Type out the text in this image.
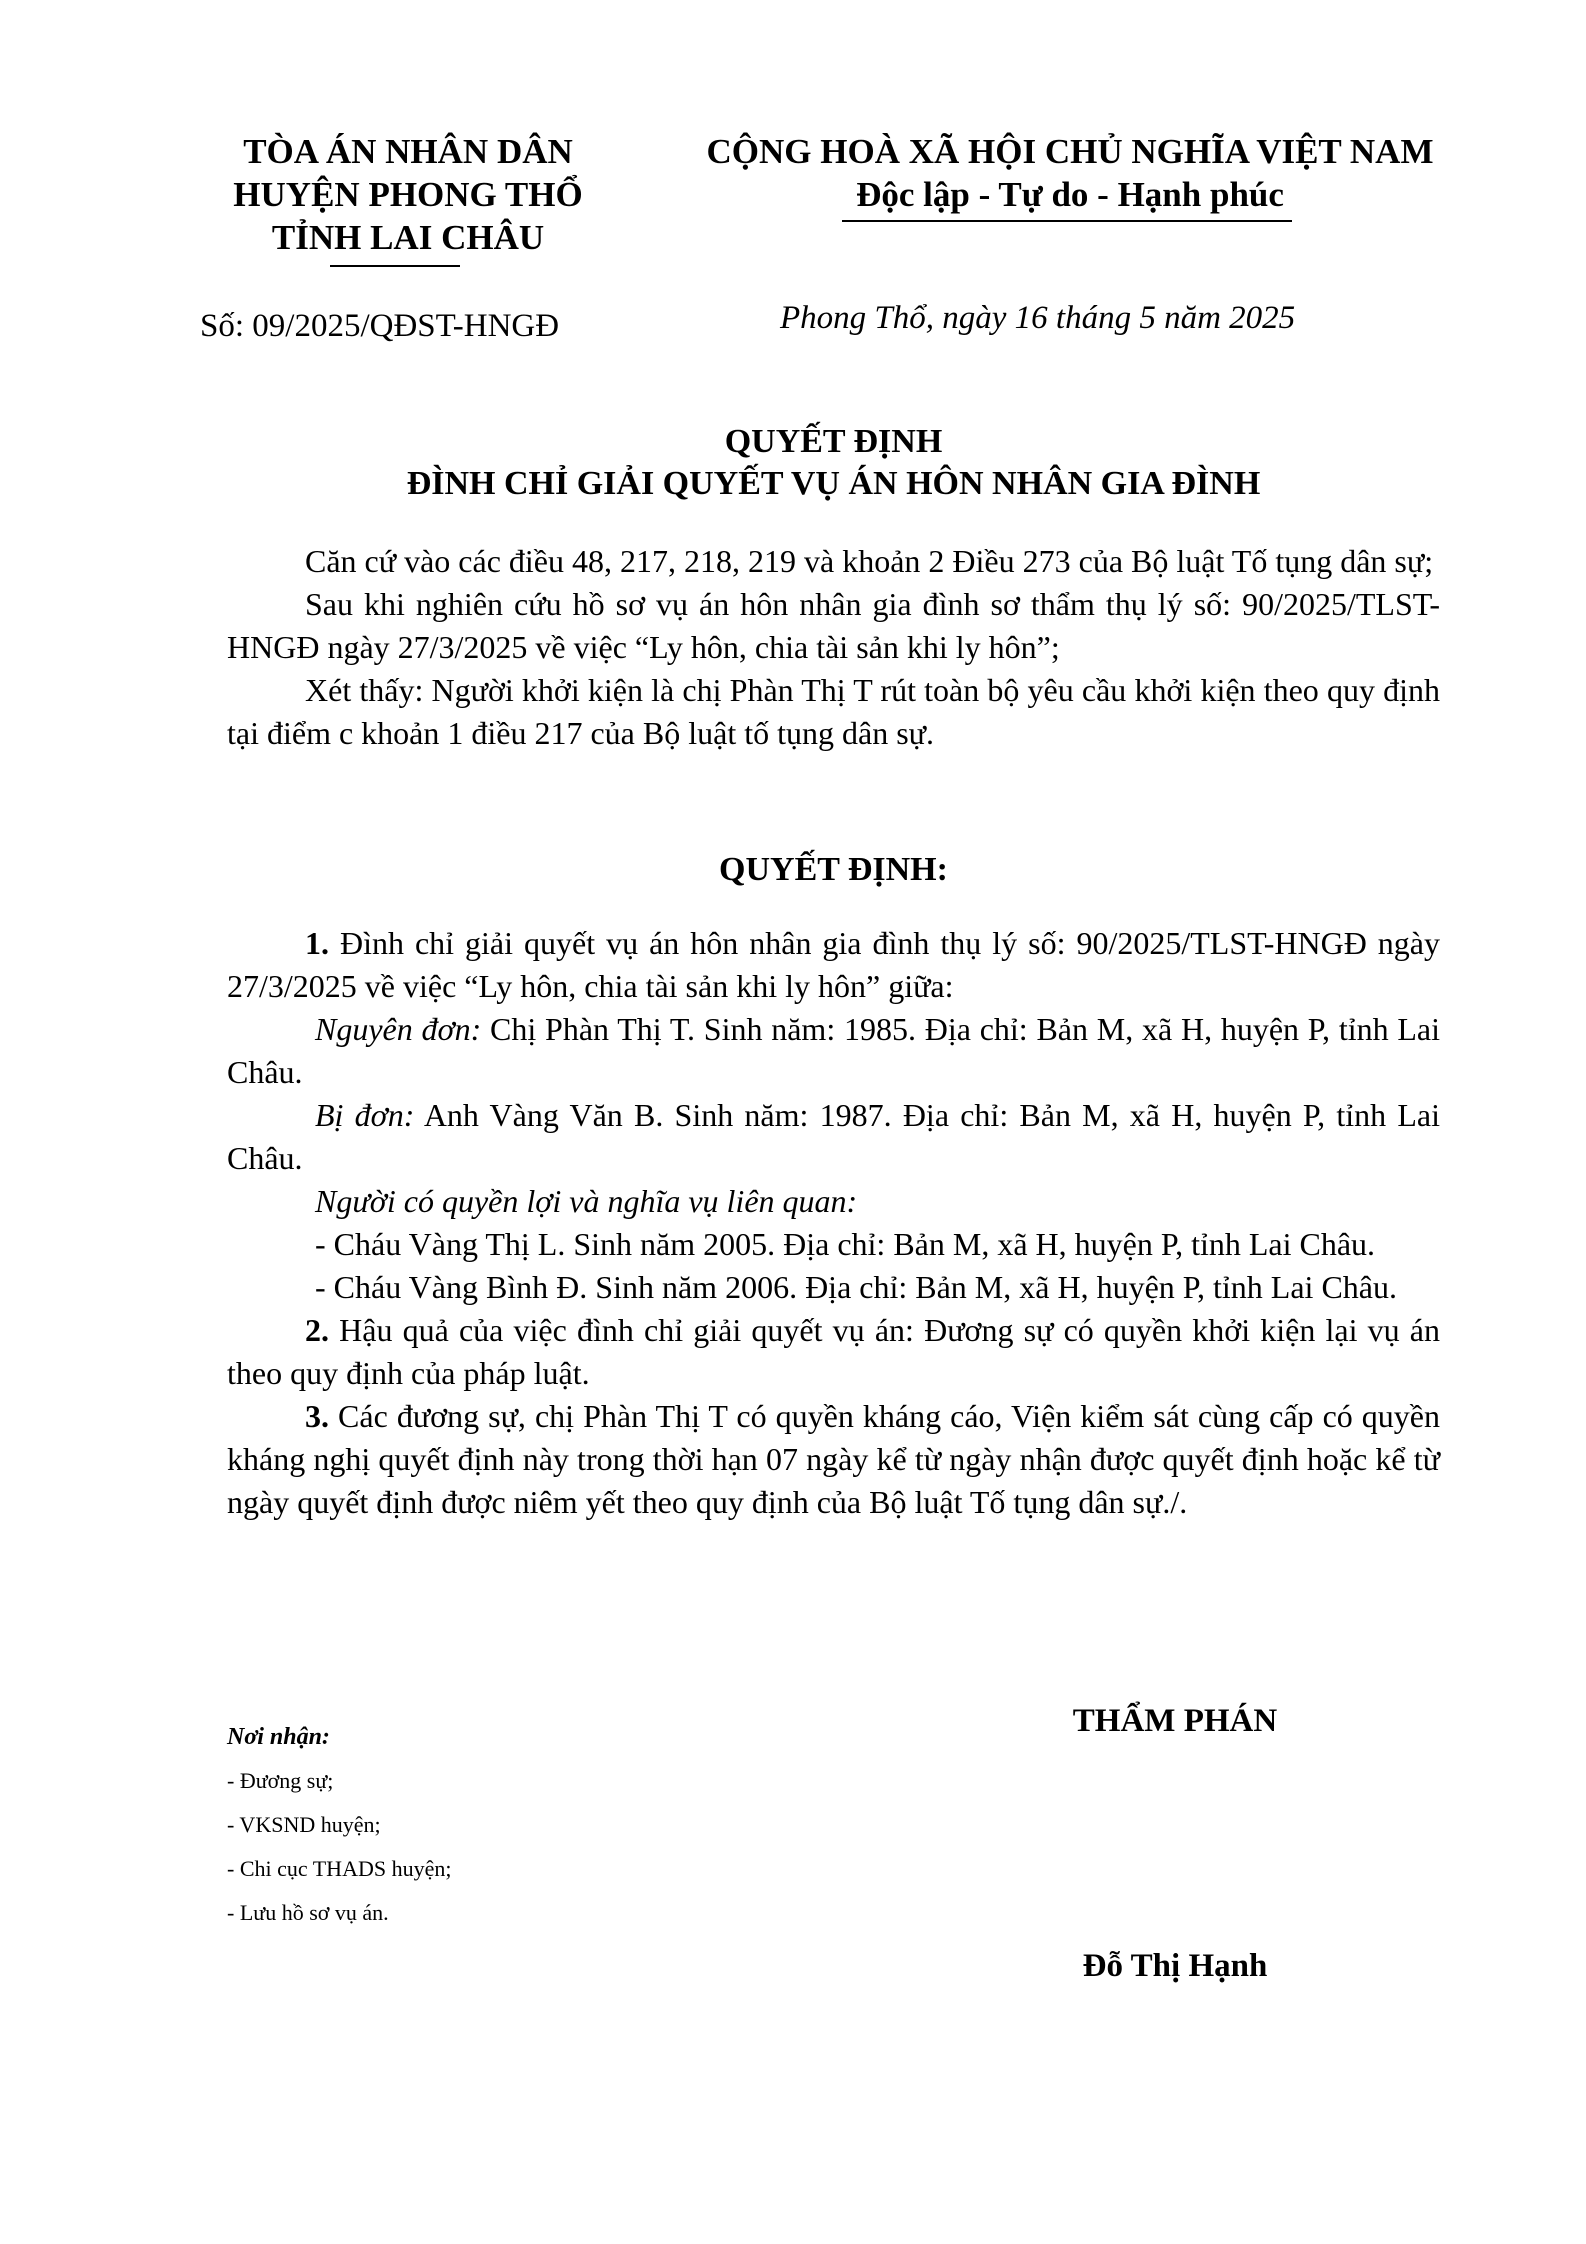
TÒA ÁN NHÂN DÂN
HUYỆN PHONG THỔ
TỈNH LAI CHÂU
CỘNG HOÀ XÃ HỘI CHỦ NGHĨA VIỆT NAM
Độc lập - Tự do - Hạnh phúc
Số: 09/2025/QĐST-HNGĐ	Phong Thổ, ngày 16 tháng 5 năm 2025
QUYẾT ĐỊNH
ĐÌNH CHỈ GIẢI QUYẾT VỤ ÁN HÔN NHÂN GIA ĐÌNH

Căn cứ vào các điều 48, 217, 218, 219 và khoản 2 Điều 273 của Bộ luật Tố tụng dân sự;

Sau khi nghiên cứu hồ sơ vụ án hôn nhân gia đình sơ thẩm thụ lý số: 90/2025/TLST-HNGĐ ngày 27/3/2025 về việc “Ly hôn, chia tài sản khi ly hôn”;

Xét thấy: Người khởi kiện là chị Phàn Thị T rút toàn bộ yêu cầu khởi kiện theo quy định tại điểm c khoản 1 điều 217 của Bộ luật tố tụng dân sự.

QUYẾT ĐỊNH:

1. Đình chỉ giải quyết vụ án hôn nhân gia đình thụ lý số: 90/2025/TLST-HNGĐ ngày 27/3/2025 về việc “Ly hôn, chia tài sản khi ly hôn” giữa:

Nguyên đơn: Chị Phàn Thị T. Sinh năm: 1985. Địa chỉ: Bản M, xã H, huyện P, tỉnh Lai Châu.

Bị đơn: Anh Vàng Văn B. Sinh năm: 1987. Địa chỉ: Bản M, xã H, huyện P, tỉnh Lai Châu.

Người có quyền lợi và nghĩa vụ liên quan:

- Cháu Vàng Thị L. Sinh năm 2005. Địa chỉ: Bản M, xã H, huyện P, tỉnh Lai Châu.

- Cháu Vàng Bình Đ. Sinh năm 2006. Địa chỉ: Bản M, xã H, huyện P, tỉnh Lai Châu.

2. Hậu quả của việc đình chỉ giải quyết vụ án: Đương sự có quyền khởi kiện lại vụ án theo quy định của pháp luật.

3. Các đương sự, chị Phàn Thị T có quyền kháng cáo, Viện kiểm sát cùng cấp có quyền kháng nghị quyết định này trong thời hạn 07 ngày kể từ ngày nhận được quyết định hoặc kể từ ngày quyết định được niêm yết theo quy định của Bộ luật Tố tụng dân sự./.

Nơi nhận:
- Đương sự;
- VKSND huyện;
- Chi cục THADS huyện;
- Lưu hồ sơ vụ án.
THẨM PHÁN
Đỗ Thị Hạnh
